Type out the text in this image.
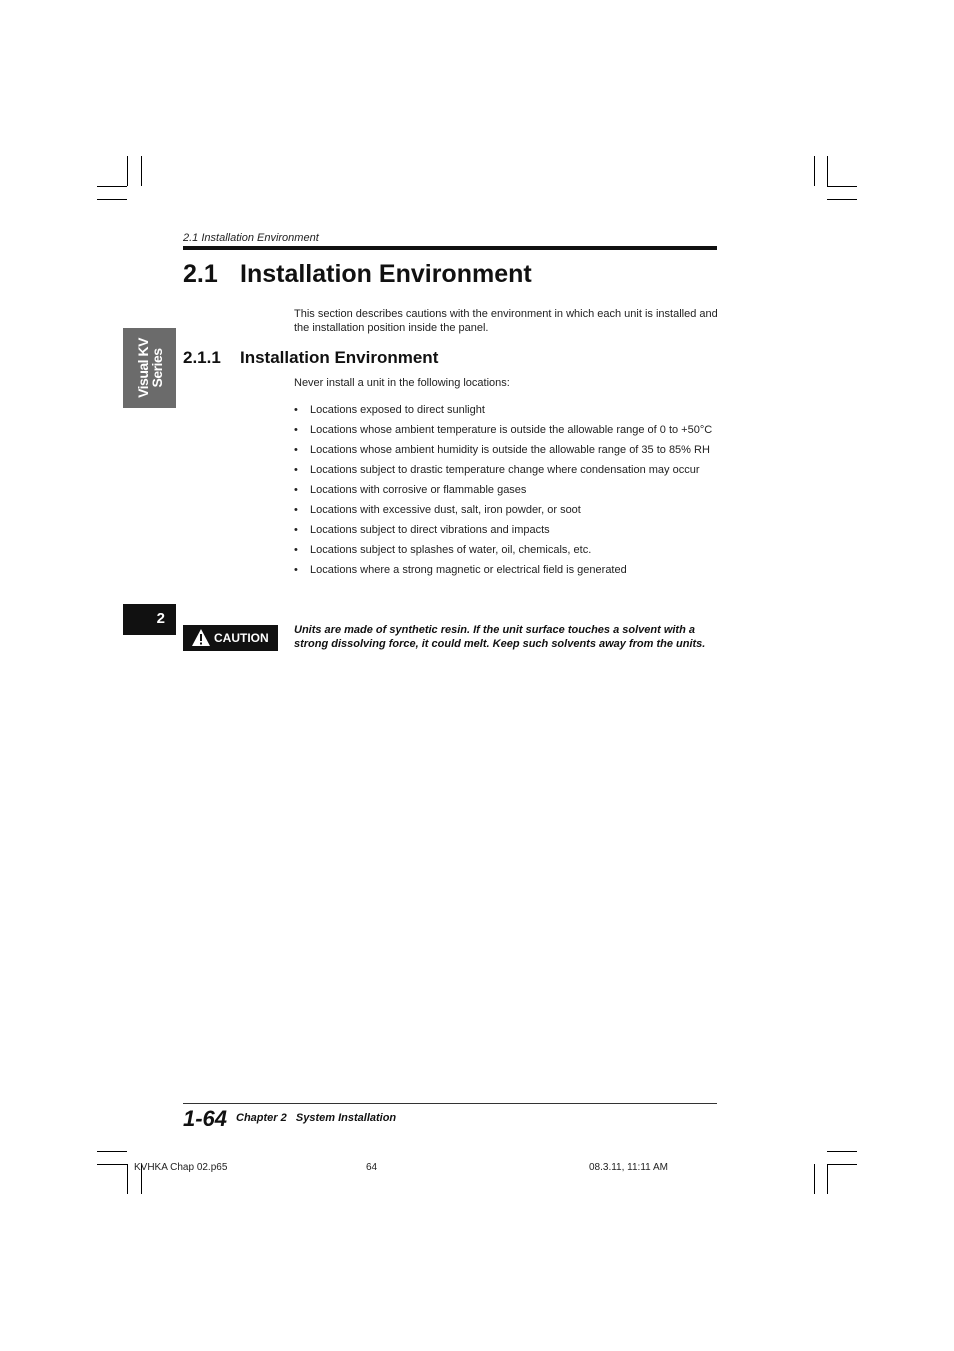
2.1 Installation Environment
2.1 Installation Environment

This section describes cautions with the environment in which each unit is installed and the installation position inside the panel.

Visual KV
Series 2.1.1 Installation Environment

Never install a unit in the following locations:

• Locations exposed to direct sunlight
• Locations whose ambient temperature is outside the allowable range of 0 to +50°C
• Locations whose ambient humidity is outside the allowable range of 35 to 85% RH
• Locations subject to drastic temperature change where condensation may occur
• Locations with corrosive or flammable gases
• Locations with excessive dust, salt, iron powder, or soot
• Locations subject to direct vibrations and impacts
• Locations subject to splashes of water, oil, chemicals, etc.
• Locations where a strong magnetic or electrical field is generated
2
CAUTION

Units are made of synthetic resin. If the unit surface touches a solvent with a strong dissolving force, it could melt. Keep such solvents away from the units.

1-64 Chapter 2   System Installation
KVHKA Chap 02.p65	64	08.3.11, 11:11 AM
